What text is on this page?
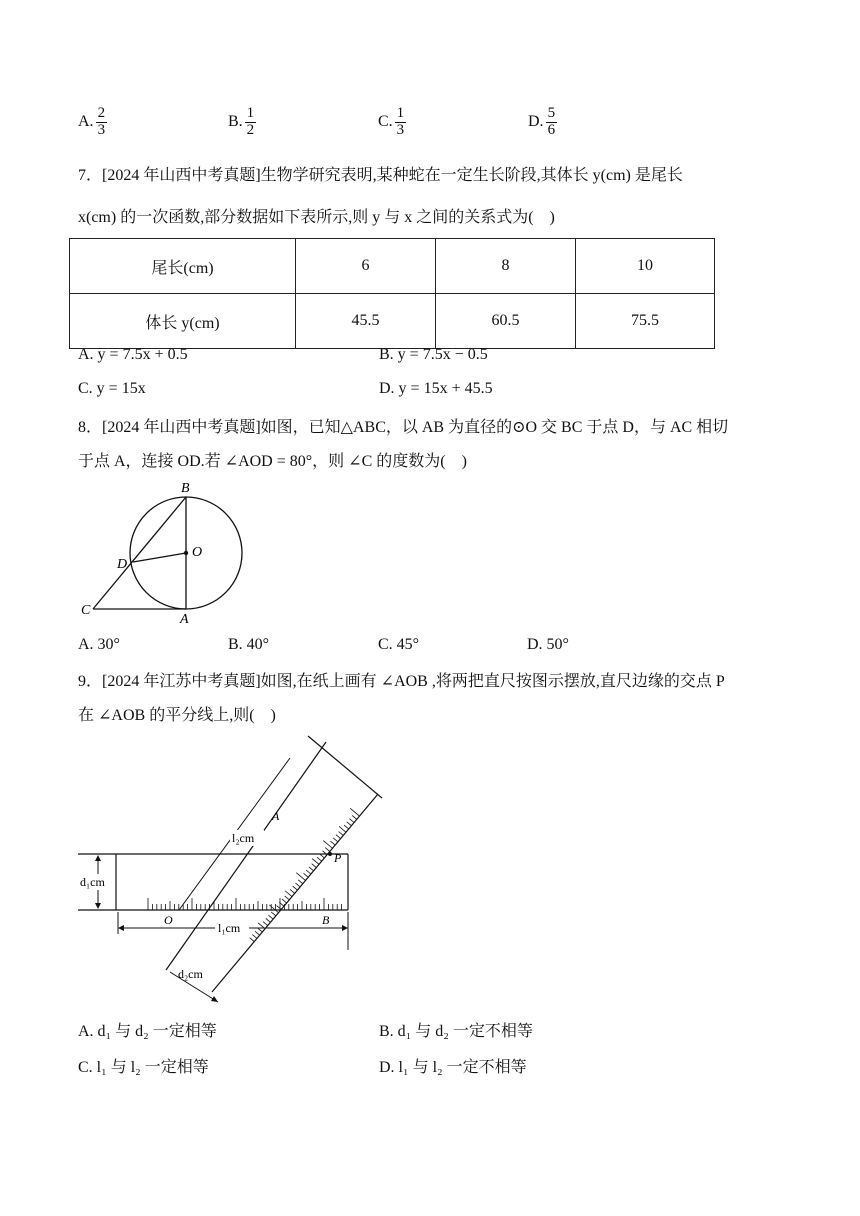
A. $\frac{2}{3}$	B. $\frac{1}{2}$	C. $\frac{1}{3}$	D. $\frac{5}{6}$
7．[2024 年山西中考真题]生物学研究表明,某种蛇在一定生长阶段,其体长 y(cm) 是尾长
x(cm) 的一次函数,部分数据如下表所示,则 y 与 x 之间的关系式为(　)
尾长(cm)	6	8	10
体长 y(cm)	45.5	60.5	75.5
A. y = 7.5x + 0.5	B. y = 7.5x − 0.5
C. y = 15x	D. y = 15x + 45.5
8．[2024 年山西中考真题]如图，已知△ABC，以 AB 为直径的⊙O 交 BC 于点 D，与 AC 相切
于点 A，连接 OD.若 ∠AOD = 80°，则 ∠C 的度数为(　)
B
O
D
C
A
A. 30°	B. 40°	C. 45°	D. 50°
9．[2024 年江苏中考真题]如图,在纸上画有 ∠AOB ,将两把直尺按图示摆放,直尺边缘的交点 P
在 ∠AOB 的平分线上,则(　)
d₁cm
l₁cm
B
O
A
l₂cm
P
d₂cm
A. d₁ 与 d₂ 一定相等	B. d₁ 与 d₂ 一定不相等
C. l₁ 与 l₂ 一定相等	D. l₁ 与 l₂ 一定不相等
